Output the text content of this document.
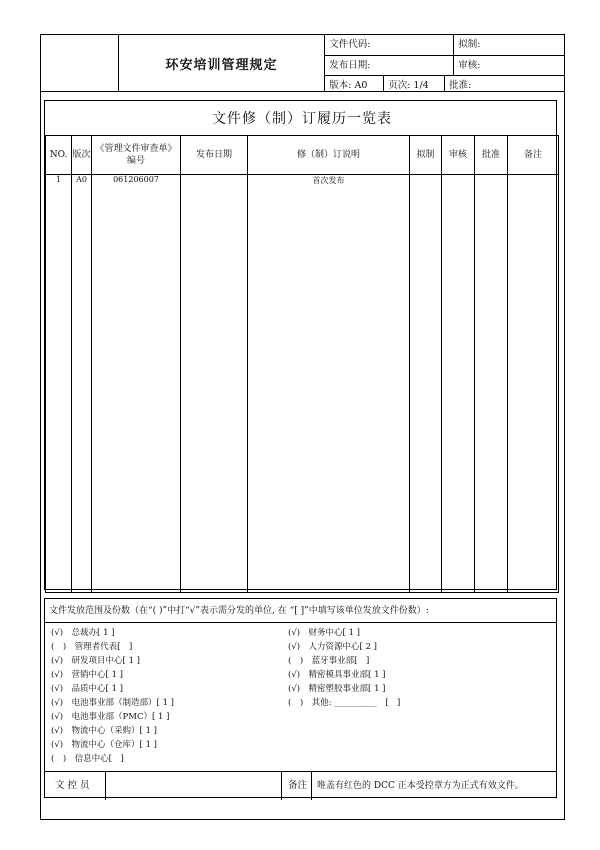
	环安培训管理规定	文件代码: 拟制:		

		发布日期: 审核:		

		版本: A0	页次: 1/4	批准:
文件修（制）订履历一览表								
NO.	版次	《管理文件审查单》编号	发布日期	修（制）订说明	拟制	审核	批准	备注
1	A0	061206007		首次发布				

文件发放范围及份数（在“( )”中打“√”表示需分发的单位, 在 “[ ]”中填写该单位发放文件份数）:
(√)　总裁办[ 1 ]
(　)　管理者代表[　]
(√)　研发项目中心[ 1 ]
(√)　营销中心[ 1 ]
(√)　品质中心[ 1 ]
(√)　电池事业部（制造部）[ 1 ]
(√)　电池事业部（PMC）[ 1 ]
(√)　物流中心（采购）[ 1 ]
(√)　物流中心（仓库）[ 1 ]
(　)　信息中心[　]
(√)　财务中心[ 1 ]
(√)　人力资源中心[ 2 ]
(　)　蓝牙事业部[　]
(√)　精密模具事业部[ 1 ]
(√)　精密塑胶事业部[ 1 ]
(　)　其他: __________　[　]
文 控 员	备注 唯盖有红色的 DCC 正本受控章方为正式有效文件。
